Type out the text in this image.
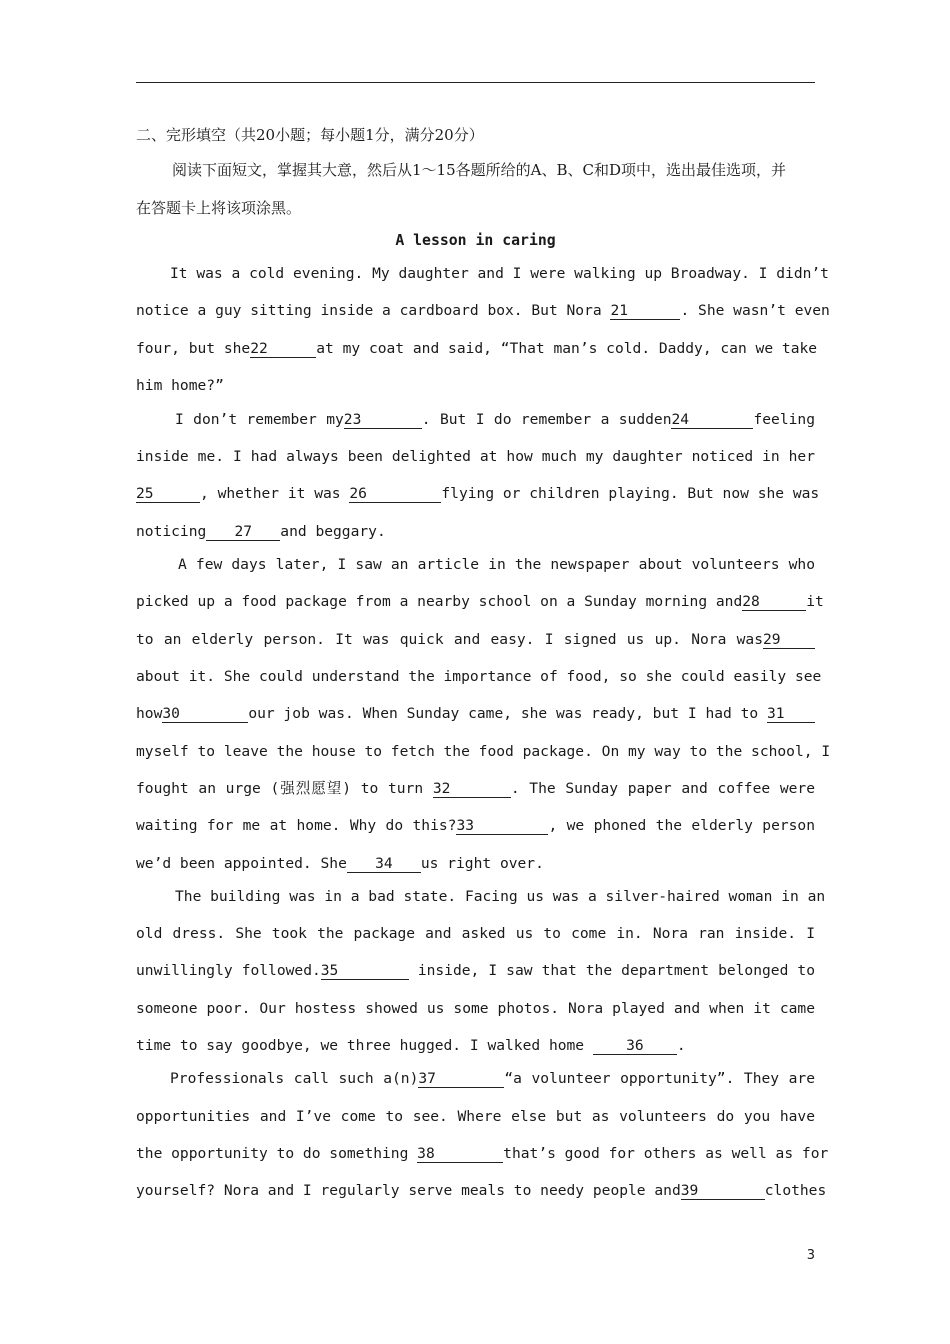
二、完形填空（共20小题；每小题1分，满分20分）
阅读下面短文，掌握其大意，然后从1～15各题所给的A、B、C和D项中，选出最佳选项，并
在答题卡上将该项涂黑。
A lesson in caring
It was a cold evening. My daughter and I were walking up Broadway. I didn’t
notice a guy sitting inside a cardboard box. But Nora 21	. She wasn’t even
four, but she22	at my coat and said, “That man’s cold. Daddy, can we take
him home?”
I don’t remember my23	. But I do remember a sudden24	feeling
inside me. I had always been delighted at how much my daughter noticed in her
25	, whether it was 26	flying or children playing. But now she was
noticing 27 and beggary.
A few days later, I saw an article in the newspaper about volunteers who
picked up a food package from a nearby school on a Sunday morning and28	it
to an elderly person. It was quick and easy. I signed us up. Nora was29
about it. She could understand the importance of food, so she could easily see
how30	our job was. When Sunday came, she was ready, but I had to 31
myself to leave the house to fetch the food package. On my way to the school, I
fought an urge (强烈愿望) to turn 32	. The Sunday paper and coffee were
waiting for me at home. Why do this?33	, we phoned the elderly person
we’d been appointed. She 34 us right over.
The building was in a bad state. Facing us was a silver-haired woman in an
old dress. She took the package and asked us to come in. Nora ran inside. I
unwillingly followed.35	inside, I saw that the department belonged to
someone poor. Our hostess showed us some photos. Nora played and when it came
time to say goodbye, we three hugged. I walked home	36 .
Professionals call such a(n)37	“a volunteer opportunity”. They are
opportunities and I’ve come to see. Where else but as volunteers do you have
the opportunity to do something 38	that’s good for others as well as for
yourself? Nora and I regularly serve meals to needy people and39	clothes
3
